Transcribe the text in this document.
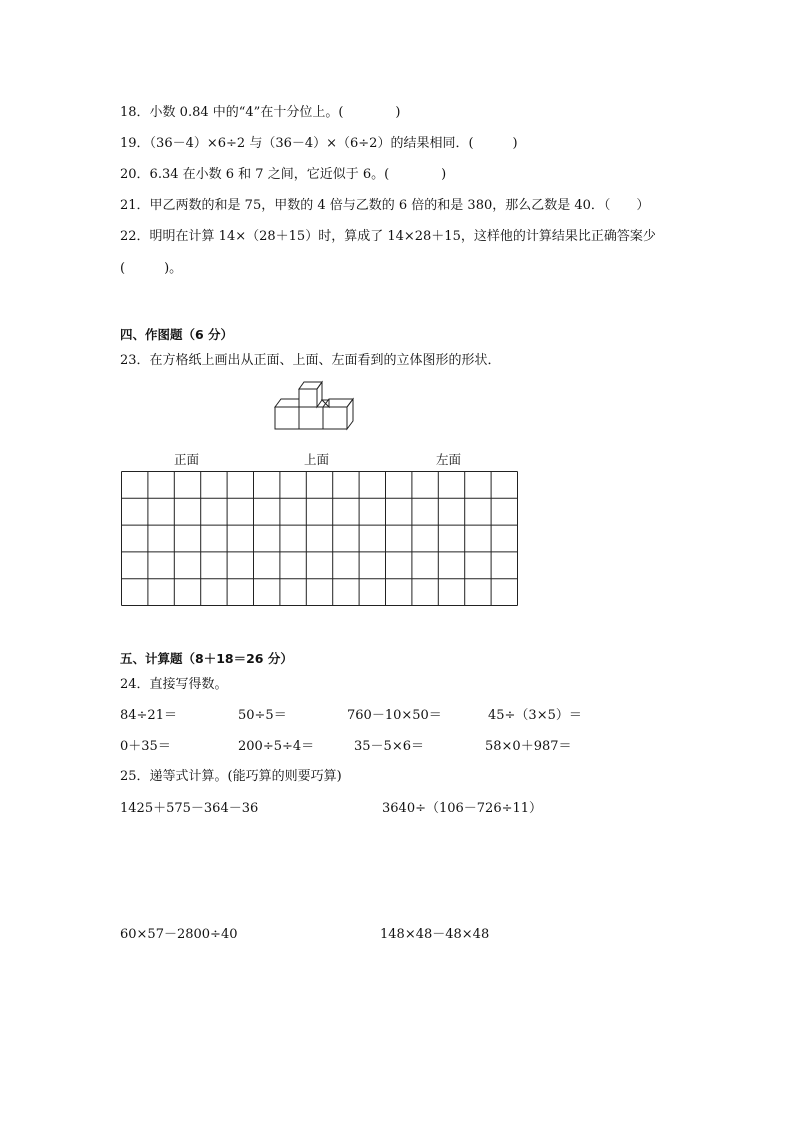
18．小数 0.84 中的“4”在十分位上。(　　　　)
19．（36－4）×6÷2 与（36－4）×（6÷2）的结果相同．(　　　)
20．6.34 在小数 6 和 7 之间，它近似于 6。(　　　　)
21．甲乙两数的和是 75，甲数的 4 倍与乙数的 6 倍的和是 380，那么乙数是 40．（　　）
22．明明在计算 14×（28＋15）时，算成了 14×28＋15，这样他的计算结果比正确答案少
(　　　)。
四、作图题（6 分）
23．在方格纸上画出从正面、上面、左面看到的立体图形的形状．
正面	上面	左面
五、计算题（8＋18＝26 分）
24．直接写得数。
84÷21＝	50÷5＝	760－10×50＝	45÷（3×5）＝
0＋35＝	200÷5÷4＝	35－5×6＝	58×0＋987＝
25．递等式计算。(能巧算的则要巧算)
1425＋575－364－36	3640÷（106－726÷11）
60×57－2800÷40	148×48－48×48
